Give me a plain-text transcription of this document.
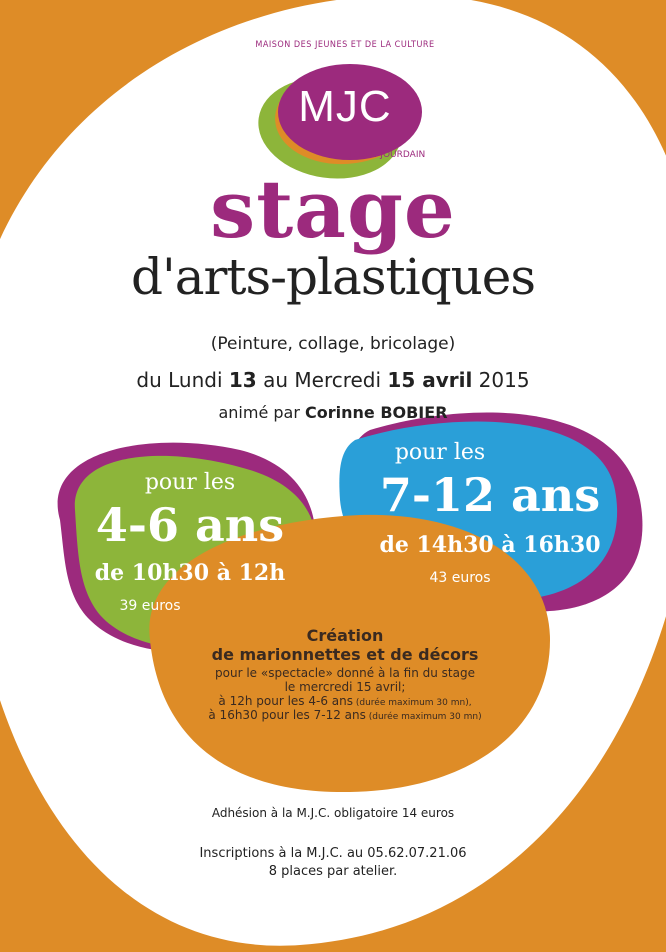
MAISON DES JEUNES ET DE LA CULTURE
MJC
L'ISLE-JOURDAIN
stage
d'arts-plastiques
(Peinture, collage, bricolage)
du Lundi 13 au Mercredi 15 avril 2015
animé par Corinne BOBIER
pour les
4-6 ans
de 10h30 à 12h
39 euros
pour les
7-12 ans
de 14h30 à 16h30
43 euros
Création
de marionnettes et de décors
pour le «spectacle» donné à la fin du stage
le mercredi 15 avril;
à 12h pour les 4-6 ans (durée maximum 30 mn),
à 16h30 pour les 7-12 ans (durée maximum 30 mn)
Adhésion à la M.J.C. obligatoire 14 euros
Inscriptions à la M.J.C. au 05.62.07.21.06
8 places par atelier.
